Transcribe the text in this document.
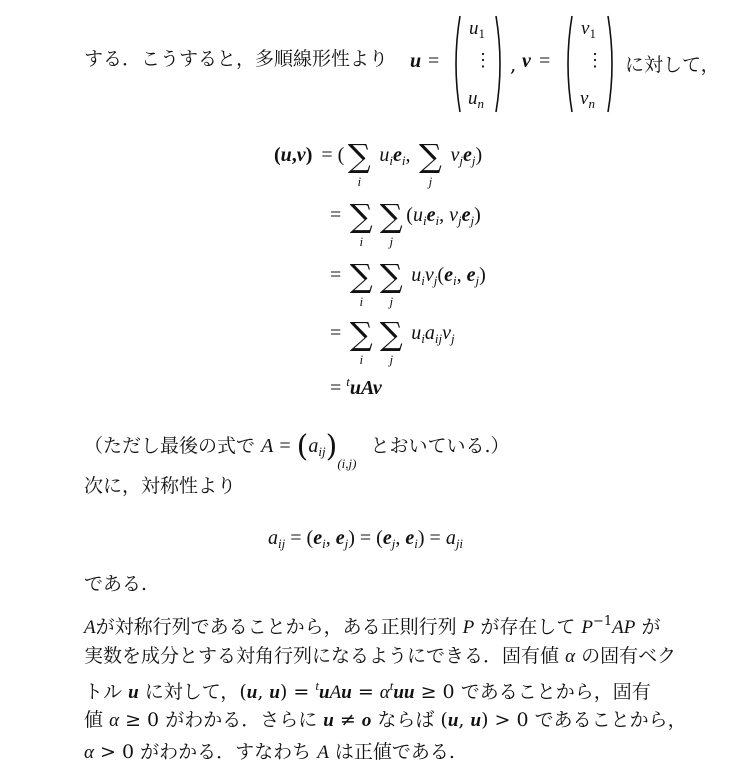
する．こうすると，多順線形性より u =
$u_1$
⋮
$u_n$
, v =
$v_1$
⋮
$v_n$
に対して，
(u,v) = ( ∑
i
$u_ie_i$, ∑
j
$v_je_j$)
= ∑
i
∑
j
($u_ie_i$, $v_je_j$)
= ∑
i
∑
j
$u_iv_j(e_i$, $e_j$)
= ∑
i
∑
j
$u_ia_{ij}v_j$
= $^t$uAv
（ただし最後の式で $A = (a_{ij})_{(i,j)}$ とおいている.）
次に，対称性より
$a_{ij} = (e_i$, $e_j) = (e_j$, $e_i) = a_{ji}$
である.
Aが対称行列であることから，ある正則行列 P が存在して $P^{-1}AP$ が
実数を成分とする対角行列になるようにできる．固有値 α の固有ベク
トル u に対して，(u, $u) = ^tuAu = \alpha^tuu \ge 0$ であることから，固有
値 α ≥ 0 がわかる．さらに u ≠ o ならば (u, u) > 0 であることから，
α > 0 がわかる．すなわち A は正値である.
